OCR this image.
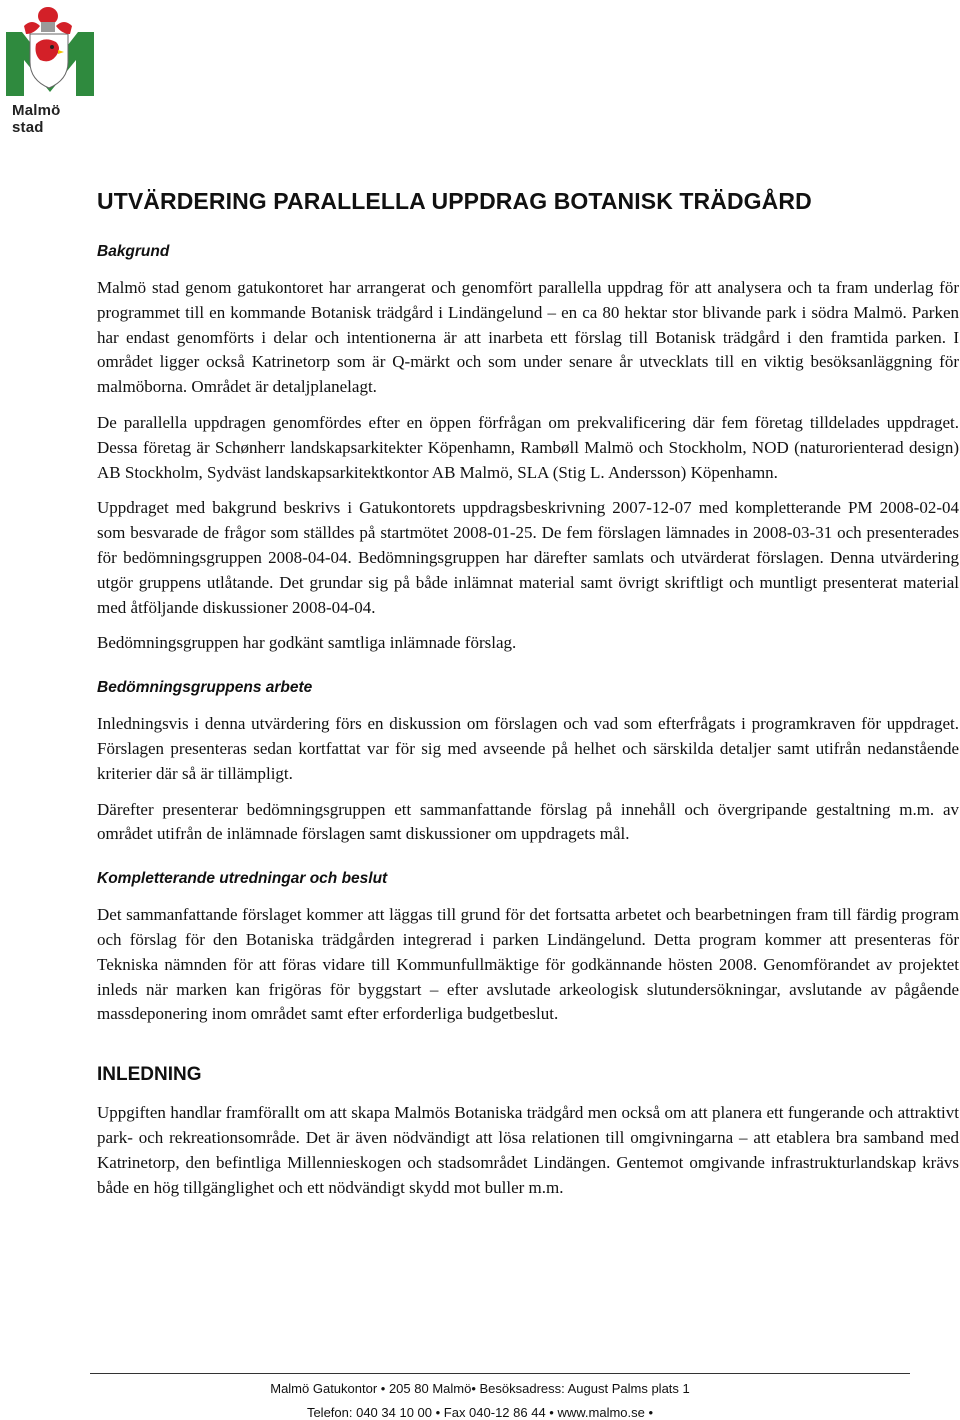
Malmö stad
UTVÄRDERING PARALLELLA UPPDRAG BOTANISK TRÄDGÅRD
Bakgrund

Malmö stad genom gatukontoret har arrangerat och genomfört parallella uppdrag för att analysera och ta fram underlag för programmet till en kommande Botanisk trädgård i Lindängelund – en ca 80 hektar stor blivande park i södra Malmö. Parken har endast genomförts i delar och intentionerna är att inarbeta ett förslag till Botanisk trädgård i den framtida parken. I området ligger också Katrinetorp som är Q-märkt och som under senare år utvecklats till en viktig besöksanläggning för malmöborna. Området är detaljplanelagt.

De parallella uppdragen genomfördes efter en öppen förfrågan om prekvalificering där fem företag tilldelades uppdraget. Dessa företag är Schønherr landskapsarkitekter Köpenhamn, Rambøll Malmö och Stockholm, NOD (naturorienterad design) AB Stockholm, Sydväst landskapsarkitektkontor AB Malmö, SLA (Stig L. Andersson) Köpenhamn.

Uppdraget med bakgrund beskrivs i Gatukontorets uppdragsbeskrivning 2007-12-07 med kompletterande PM 2008-02-04 som besvarade de frågor som ställdes på startmötet 2008-01-25. De fem förslagen lämnades in 2008-03-31 och presenterades för bedömningsgruppen 2008-04-04. Bedömningsgruppen har därefter samlats och utvärderat förslagen. Denna utvärdering utgör gruppens utlåtande. Det grundar sig på både inlämnat material samt övrigt skriftligt och muntligt presenterat material med åtföljande diskussioner 2008-04-04.

Bedömningsgruppen har godkänt samtliga inlämnade förslag.

Bedömningsgruppens arbete

Inledningsvis i denna utvärdering förs en diskussion om förslagen och vad som efterfrågats i programkraven för uppdraget. Förslagen presenteras sedan kortfattat var för sig med avseende på helhet och särskilda detaljer samt utifrån nedanstående kriterier där så är tillämpligt.

Därefter presenterar bedömningsgruppen ett sammanfattande förslag på innehåll och övergripande gestaltning m.m. av området utifrån de inlämnade förslagen samt diskussioner om uppdragets mål.

Kompletterande utredningar och beslut

Det sammanfattande förslaget kommer att läggas till grund för det fortsatta arbetet och bearbetningen fram till färdig program och förslag för den Botaniska trädgården integrerad i parken Lindängelund. Detta program kommer att presenteras för Tekniska nämnden för att föras vidare till Kommunfullmäktige för godkännande hösten 2008. Genomförandet av projektet inleds när marken kan frigöras för byggstart – efter avslutade arkeologisk slutundersökningar, avslutande av pågående massdeponering inom området samt efter erforderliga budgetbeslut.

INLEDNING

Uppgiften handlar framförallt om att skapa Malmös Botaniska trädgård men också om att planera ett fungerande och attraktivt park- och rekreationsområde. Det är även nödvändigt att lösa relationen till omgivningarna – att etablera bra samband med Katrinetorp, den befintliga Millennieskogen och stadsområdet Lindängen. Gentemot omgivande infrastrukturlandskap krävs både en hög tillgänglighet och ett nödvändigt skydd mot buller m.m.

Malmö Gatukontor • 205 80 Malmö• Besöksadress: August Palms plats 1
Telefon: 040 34 10 00 • Fax 040-12 86 44 • www.malmo.se •
